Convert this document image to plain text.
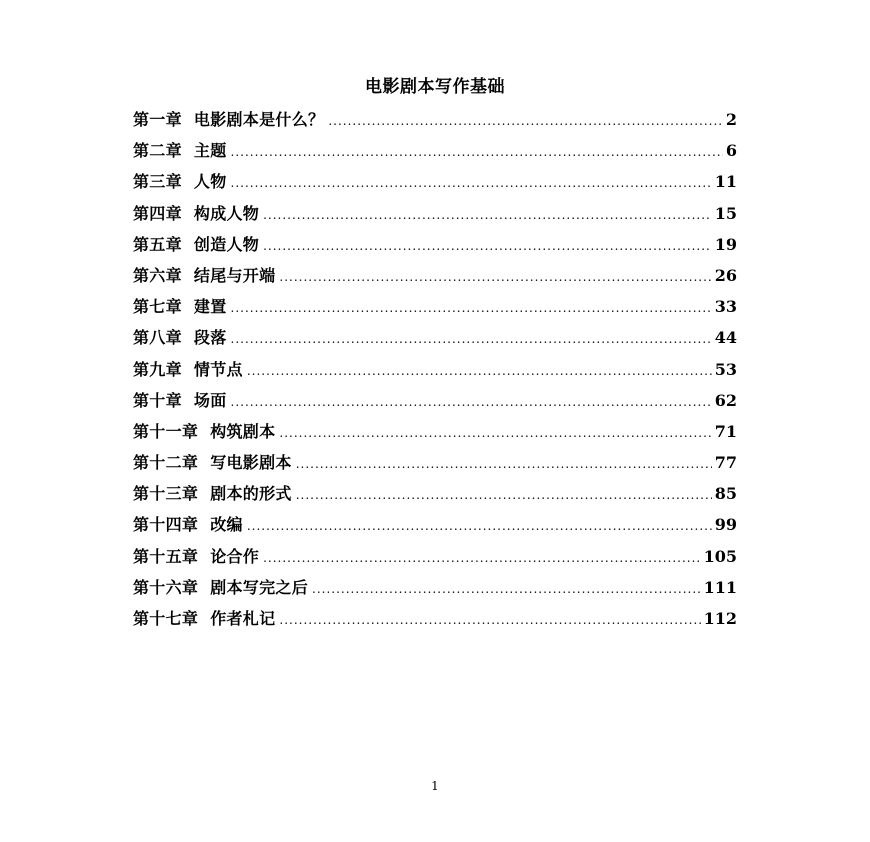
电影剧本写作基础
第一章 电影剧本是什么？ .....	2
第二章 主题 .....	6
第三章 人物 .....	11
第四章 构成人物 .....	15
第五章 创造人物 .....	19
第六章 结尾与开端 .....	26
第七章 建置 .....	33
第八章 段落 .....	44
第九章 情节点 .....	53
第十章 场面 .....	62
第十一章 构筑剧本 .....	71
第十二章 写电影剧本 .....	77
第十三章 剧本的形式 .....	85
第十四章 改编 .....	99
第十五章 论合作 .....	105
第十六章 剧本写完之后 .....	111
第十七章 作者札记 .....	112
1
